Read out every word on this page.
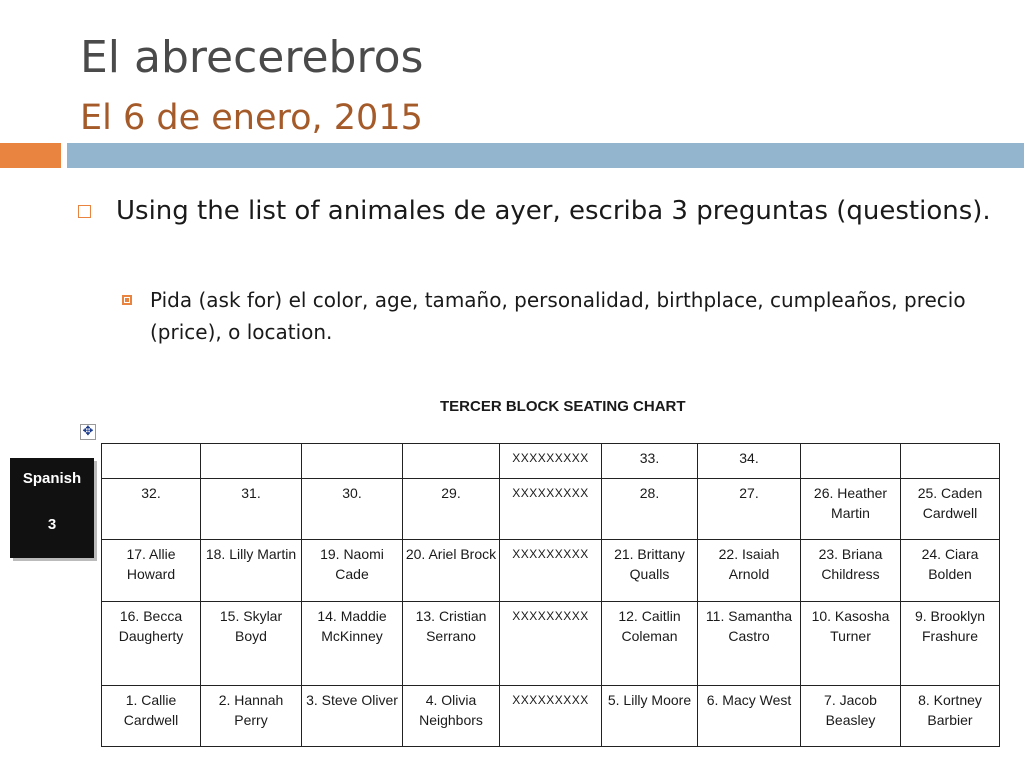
El abrecerebros
El 6 de enero, 2015
Using the list of animales de ayer, escriba 3 preguntas (questions).
Pida (ask for) el color, age, tamaño, personalidad, birthplace, cumpleaños, precio (price), o location.
TERCER BLOCK SEATING CHART
✥
Spanish
3
				XXXXXXXXX	33.	34.		
32.	31.	30.	29.	XXXXXXXXX	28.	27.	26. Heather Martin	25. Caden Cardwell
17. Allie Howard	18. Lilly Martin	19. Naomi Cade	20. Ariel Brock	XXXXXXXXX	21. Brittany Qualls	22. Isaiah Arnold	23. Briana Childress	24. Ciara Bolden
16. Becca Daugherty	15. Skylar Boyd	14. Maddie McKinney	13. Cristian Serrano	XXXXXXXXX	12. Caitlin Coleman	11. Samantha Castro	10. Kasosha Turner	9. Brooklyn Frashure
1. Callie Cardwell	2. Hannah Perry	3. Steve Oliver	4. Olivia Neighbors	XXXXXXXXX	5. Lilly Moore	6. Macy West	7. Jacob Beasley	8. Kortney Barbier
